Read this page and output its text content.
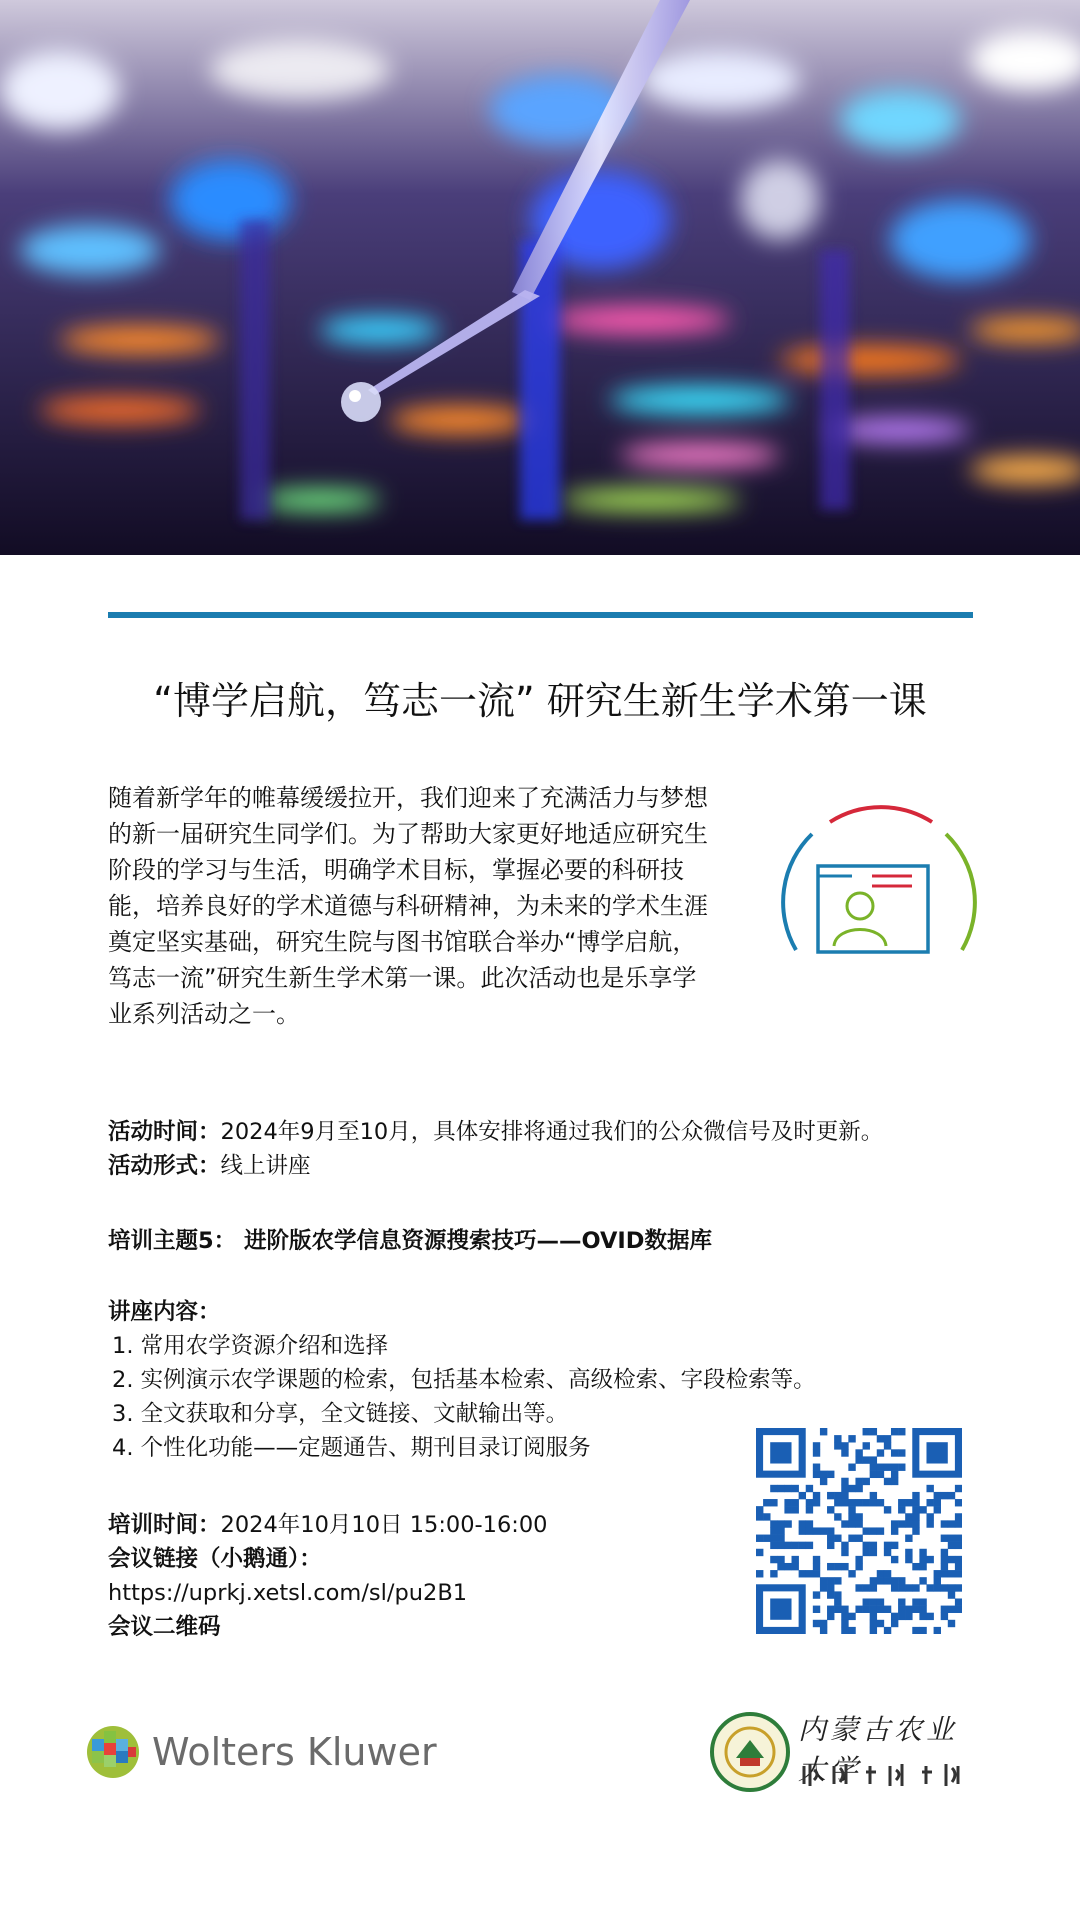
“博学启航，笃志一流” 研究生新生学术第一课
随着新学年的帷幕缓缓拉开，我们迎来了充满活力与梦想的新一届研究生同学们。为了帮助大家更好地适应研究生阶段的学习与生活，明确学术目标，掌握必要的科研技能，培养良好的学术道德与科研精神，为未来的学术生涯奠定坚实基础，研究生院与图书馆联合举办“博学启航，笃志一流”研究生新生学术第一课。此次活动也是乐享学业系列活动之一。
活动时间：2024年9月至10月，具体安排将通过我们的公众微信号及时更新。
活动形式：线上讲座
培训主题5： 进阶版农学信息资源搜索技巧——OVID数据库
讲座内容：
1. 常用农学资源介绍和选择
2. 实例演示农学课题的检索，包括基本检索、高级检索、字段检索等。
3. 全文获取和分享，全文链接、文献输出等。
4. 个性化功能——定题通告、期刊目录订阅服务
培训时间：2024年10月10日 15:00-16:00
会议链接（小鹅通）：
https://uprkj.xetsl.com/sl/pu2B1
会议二维码
Wolters Kluwer
内蒙古农业大学
